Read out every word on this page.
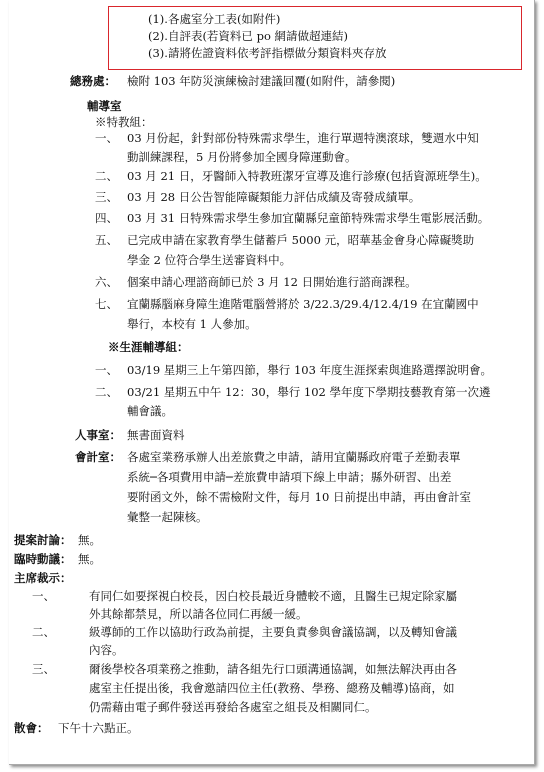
(1).各處室分工表(如附件)
(2).自評表(若資料已 po 網請做超連結)
(3).請將佐證資料依考評指標做分類資料夾存放
總務處： 檢附 103 年防災演練檢討建議回覆(如附件，請參閱)
輔導室
※特教組：
一、 03 月份起，針對部份特殊需求學生，進行單週特澳滾球，雙週水中知
動訓練課程，5 月份將參加全國身障運動會。
二、 03 月 21 日，牙醫師入特教班潔牙宣導及進行診療(包括資源班學生)。
三、 03 月 28 日公告智能障礙類能力評估成績及寄發成績單。
四、 03 月 31 日特殊需求學生參加宜蘭縣兒童節特殊需求學生電影展活動。
五、 已完成申請在家教育學生儲蓄戶 5000 元，昭華基金會身心障礙獎助
學金 2 位符合學生送審資料中。
六、 個案申請心理諮商師已於 3 月 12 日開始進行諮商課程。
七、 宜蘭縣腦麻身障生進階電腦營將於 3/22.3/29.4/12.4/19 在宜蘭國中
舉行，本校有 1 人參加。
※生涯輔導組：
一、 03/19 星期三上午第四節，舉行 103 年度生涯探索與進路選擇說明會。
二、 03/21 星期五中午 12：30，舉行 102 學年度下學期技藝教育第一次遴
輔會議。
人事室： 無書面資料
會計室： 各處室業務承辦人出差旅費之申請，請用宜蘭縣政府電子差勤表單
系統─各項費用申請─差旅費申請項下線上申請；縣外研習、出差
要附函文外，餘不需檢附文件，每月 10 日前提出申請，再由會計室
彙整一起陳核。
提案討論： 無。
臨時動議： 無。
主席裁示：
一、	有同仁如要探視白校長，因白校長最近身體較不適，且醫生已規定除家屬
外其餘都禁見，所以請各位同仁再緩一緩。
二、	級導師的工作以協助行政為前提，主要負責參與會議協調，以及轉知會議
內容。
三、	爾後學校各項業務之推動，請各組先行口頭溝通協調，如無法解決再由各
處室主任提出後，我會邀請四位主任(教務、學務、總務及輔導)協商，如
仍需藉由電子郵件發送再發給各處室之組長及相關同仁。
散會： 下午十六點正。
